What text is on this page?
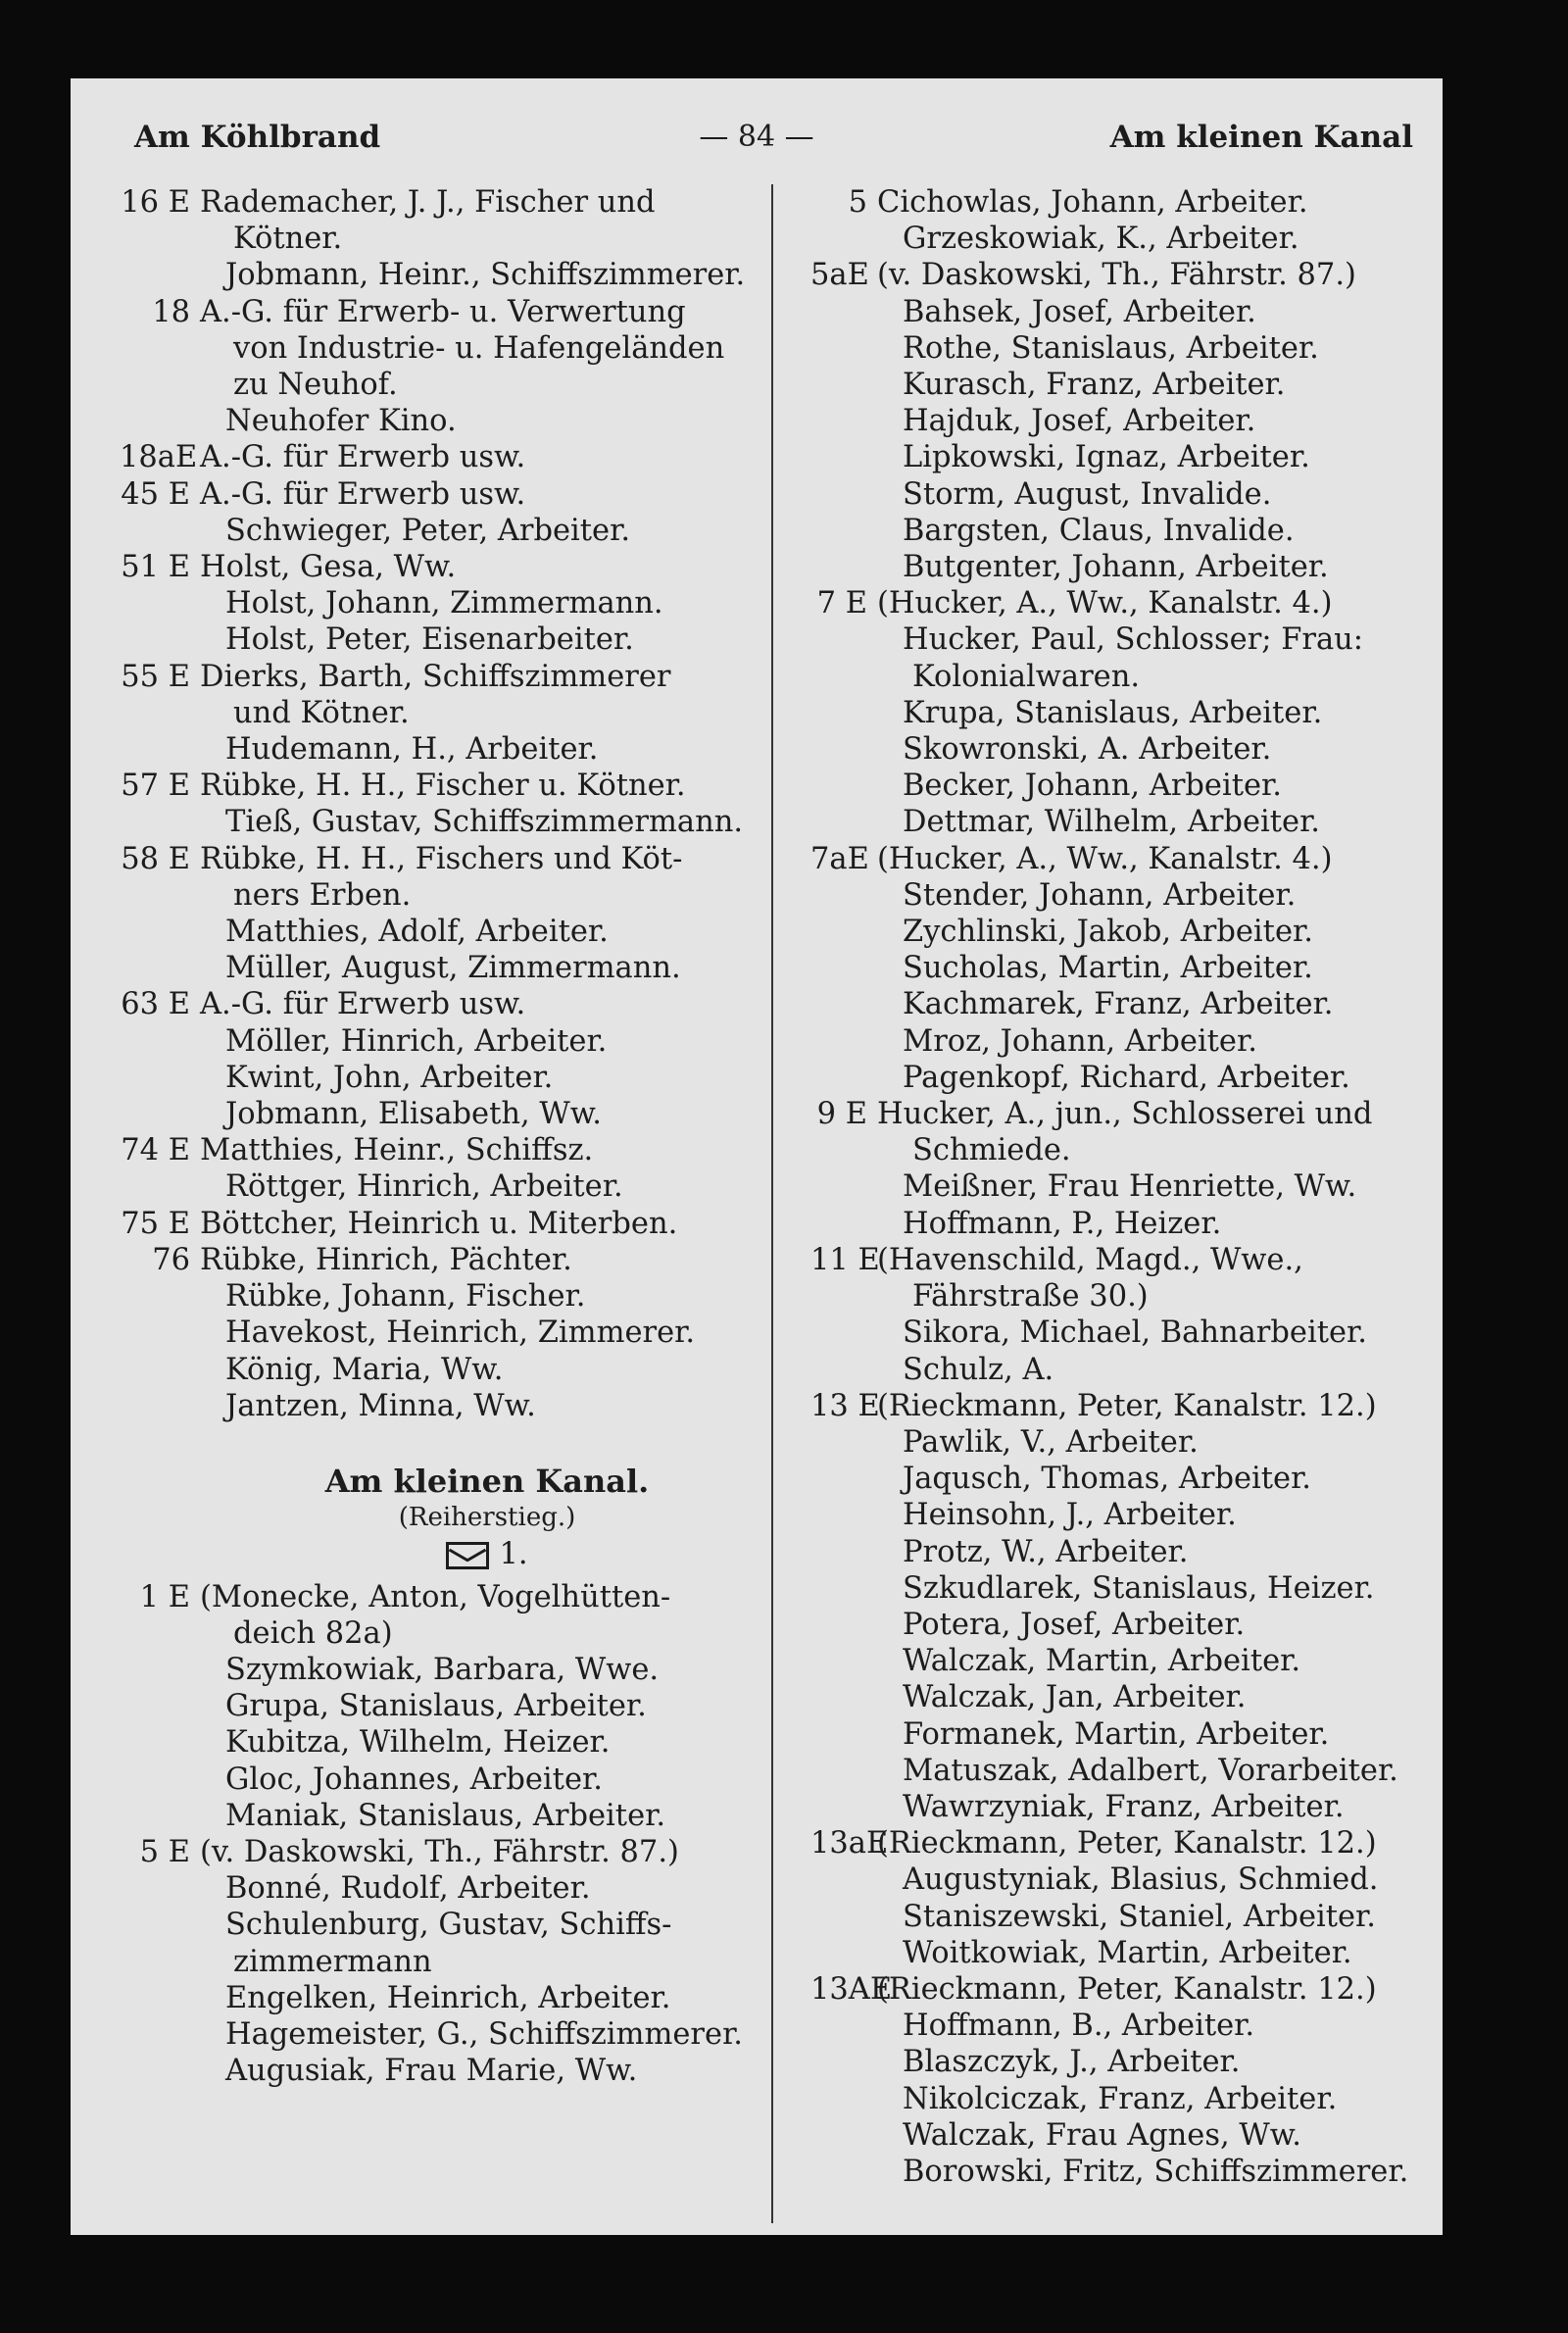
Am Köhlbrand	— 84 —	Am kleinen Kanal
16 E Rademacher, J. J., Fischer und
Kötner.
Jobmann, Heinr., Schiffszimmerer.
18 A.-G. für Erwerb- u. Verwertung
von Industrie- u. Hafengeländen
zu Neuhof.
Neuhofer Kino.
18aE A.-G. für Erwerb usw.
45 E A.-G. für Erwerb usw.
Schwieger, Peter, Arbeiter.
51 E Holst, Gesa, Ww.
Holst, Johann, Zimmermann.
Holst, Peter, Eisenarbeiter.
55 E Dierks, Barth, Schiffszimmerer
und Kötner.
Hudemann, H., Arbeiter.
57 E Rübke, H. H., Fischer u. Kötner.
Tieß, Gustav, Schiffszimmermann.
58 E Rübke, H. H., Fischers und Köt-
ners Erben.
Matthies, Adolf, Arbeiter.
Müller, August, Zimmermann.
63 E A.-G. für Erwerb usw.
Möller, Hinrich, Arbeiter.
Kwint, John, Arbeiter.
Jobmann, Elisabeth, Ww.
74 E Matthies, Heinr., Schiffsz.
Röttger, Hinrich, Arbeiter.
75 E Böttcher, Heinrich u. Miterben.
76 Rübke, Hinrich, Pächter.
Rübke, Johann, Fischer.
Havekost, Heinrich, Zimmerer.
König, Maria, Ww.
Jantzen, Minna, Ww.
Am kleinen Kanal.
(Reiherstieg.)
1.
1 E (Monecke, Anton, Vogelhütten-
deich 82a)
Szymkowiak, Barbara, Wwe.
Grupa, Stanislaus, Arbeiter.
Kubitza, Wilhelm, Heizer.
Gloc, Johannes, Arbeiter.
Maniak, Stanislaus, Arbeiter.
5 E (v. Daskowski, Th., Fährstr. 87.)
Bonné, Rudolf, Arbeiter.
Schulenburg, Gustav, Schiffs-
zimmermann
Engelken, Heinrich, Arbeiter.
Hagemeister, G., Schiffszimmerer.
Augusiak, Frau Marie, Ww.
5 Cichowlas, Johann, Arbeiter.
Grzeskowiak, K., Arbeiter.
5aE (v. Daskowski, Th., Fährstr. 87.)
Bahsek, Josef, Arbeiter.
Rothe, Stanislaus, Arbeiter.
Kurasch, Franz, Arbeiter.
Hajduk, Josef, Arbeiter.
Lipkowski, Ignaz, Arbeiter.
Storm, August, Invalide.
Bargsten, Claus, Invalide.
Butgenter, Johann, Arbeiter.
7 E (Hucker, A., Ww., Kanalstr. 4.)
Hucker, Paul, Schlosser; Frau:
Kolonialwaren.
Krupa, Stanislaus, Arbeiter.
Skowronski, A. Arbeiter.
Becker, Johann, Arbeiter.
Dettmar, Wilhelm, Arbeiter.
7aE (Hucker, A., Ww., Kanalstr. 4.)
Stender, Johann, Arbeiter.
Zychlinski, Jakob, Arbeiter.
Sucholas, Martin, Arbeiter.
Kachmarek, Franz, Arbeiter.
Mroz, Johann, Arbeiter.
Pagenkopf, Richard, Arbeiter.
9 E Hucker, A., jun., Schlosserei und
Schmiede.
Meißner, Frau Henriette, Ww.
Hoffmann, P., Heizer.
11 E
(Havenschild, Magd., Wwe.,
Fährstraße 30.)
Sikora, Michael, Bahnarbeiter.
Schulz, A.
13 E
(Rieckmann, Peter, Kanalstr. 12.)
Pawlik, V., Arbeiter.
Jaqusch, Thomas, Arbeiter.
Heinsohn, J., Arbeiter.
Protz, W., Arbeiter.
Szkudlarek, Stanislaus, Heizer.
Potera, Josef, Arbeiter.
Walczak, Martin, Arbeiter.
Walczak, Jan, Arbeiter.
Formanek, Martin, Arbeiter.
Matuszak, Adalbert, Vorarbeiter.
Wawrzyniak, Franz, Arbeiter.
13aE
(Rieckmann, Peter, Kanalstr. 12.)
Augustyniak, Blasius, Schmied.
Staniszewski, Staniel, Arbeiter.
Woitkowiak, Martin, Arbeiter.
13AE
(Rieckmann, Peter, Kanalstr. 12.)
Hoffmann, B., Arbeiter.
Blaszczyk, J., Arbeiter.
Nikolciczak, Franz, Arbeiter.
Walczak, Frau Agnes, Ww.
Borowski, Fritz, Schiffszimmerer.
